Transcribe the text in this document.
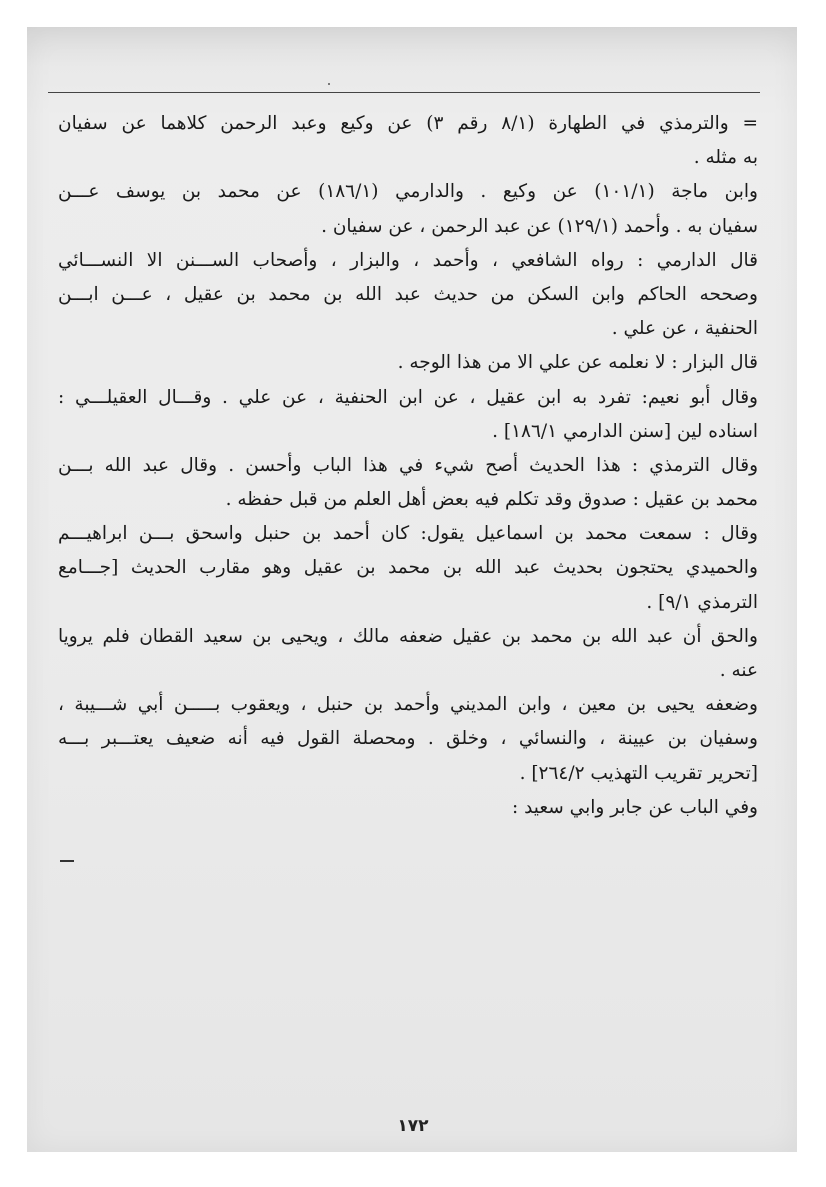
= والترمذي في الطهارة (٨/١ رقم ٣) عن وكيع وعبد الرحمن كلاهما عن سفيان
به مثله .
وابن ماجة (١٠١/١) عن وكيع . والدارمي (١٨٦/١) عن محمد بن يوسف عـــن
سفيان به . وأحمد (١٢٩/١) عن عبد الرحمن ، عن سفيان .
قال الدارمي : رواه الشافعي ، وأحمد ، والبزار ، وأصحاب الســـنن الا النســـائي
وصححه الحاكم وابن السكن من حديث عبد الله بن محمد بن عقيل ، عـــن ابـــن
الحنفية ، عن علي .
قال البزار : لا نعلمه عن علي الا من هذا الوجه .
وقال أبو نعيم: تفرد به ابن عقيل ، عن ابن الحنفية ، عن علي . وقـــال العقيلـــي :
اسناده لين [سنن الدارمي ١٨٦/١] .
وقال الترمذي : هذا الحديث أصح شيء في هذا الباب وأحسن . وقال عبد الله بـــن
محمد بن عقيل : صدوق وقد تكلم فيه بعض أهل العلم من قبل حفظه .
وقال : سمعت محمد بن اسماعيل يقول: كان أحمد بن حنبل واسحق بـــن ابراهيـــم
والحميدي يحتجون بحديث عبد الله بن محمد بن عقيل وهو مقارب الحديث [جـــامع
الترمذي ٩/١] .
والحق أن عبد الله بن محمد بن عقيل ضعفه مالك ، ويحيى بن سعيد القطان فلم يرويا
عنه .
وضعفه يحيى بن معين ، وابن المديني وأحمد بن حنبل ، ويعقوب بـــــن أبي شـــيبة ،
وسفيان بن عيينة ، والنسائي ، وخلق . ومحصلة القول فيه أنه ضعيف يعتـــبر بـــه
[تحرير تقريب التهذيب ٢٦٤/٢] .
وفي الباب عن جابر وابي سعيد :
١٧٢
